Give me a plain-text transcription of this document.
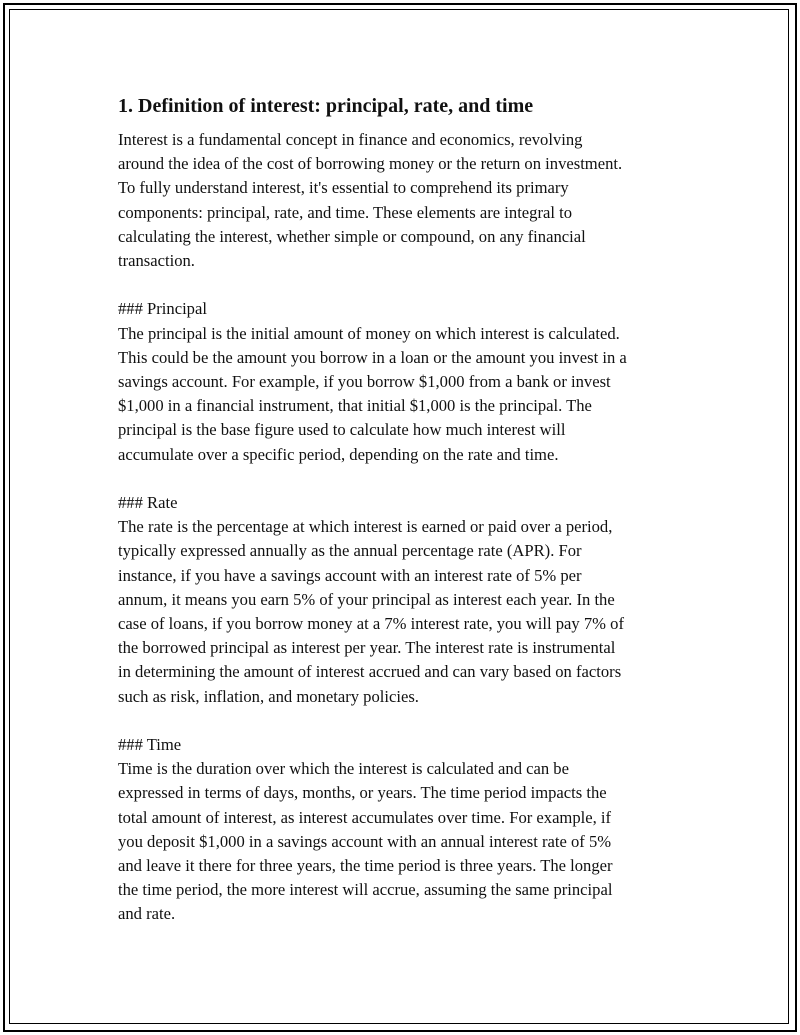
1. Definition of interest: principal, rate, and time
Interest is a fundamental concept in finance and economics, revolving
around the idea of the cost of borrowing money or the return on investment.
To fully understand interest, it's essential to comprehend its primary
components: principal, rate, and time. These elements are integral to
calculating the interest, whether simple or compound, on any financial
transaction.
### Principal
The principal is the initial amount of money on which interest is calculated.
This could be the amount you borrow in a loan or the amount you invest in a
savings account. For example, if you borrow $1,000 from a bank or invest
$1,000 in a financial instrument, that initial $1,000 is the principal. The
principal is the base figure used to calculate how much interest will
accumulate over a specific period, depending on the rate and time.
### Rate
The rate is the percentage at which interest is earned or paid over a period,
typically expressed annually as the annual percentage rate (APR). For
instance, if you have a savings account with an interest rate of 5% per
annum, it means you earn 5% of your principal as interest each year. In the
case of loans, if you borrow money at a 7% interest rate, you will pay 7% of
the borrowed principal as interest per year. The interest rate is instrumental
in determining the amount of interest accrued and can vary based on factors
such as risk, inflation, and monetary policies.
### Time
Time is the duration over which the interest is calculated and can be
expressed in terms of days, months, or years. The time period impacts the
total amount of interest, as interest accumulates over time. For example, if
you deposit $1,000 in a savings account with an annual interest rate of 5%
and leave it there for three years, the time period is three years. The longer
the time period, the more interest will accrue, assuming the same principal
and rate.
